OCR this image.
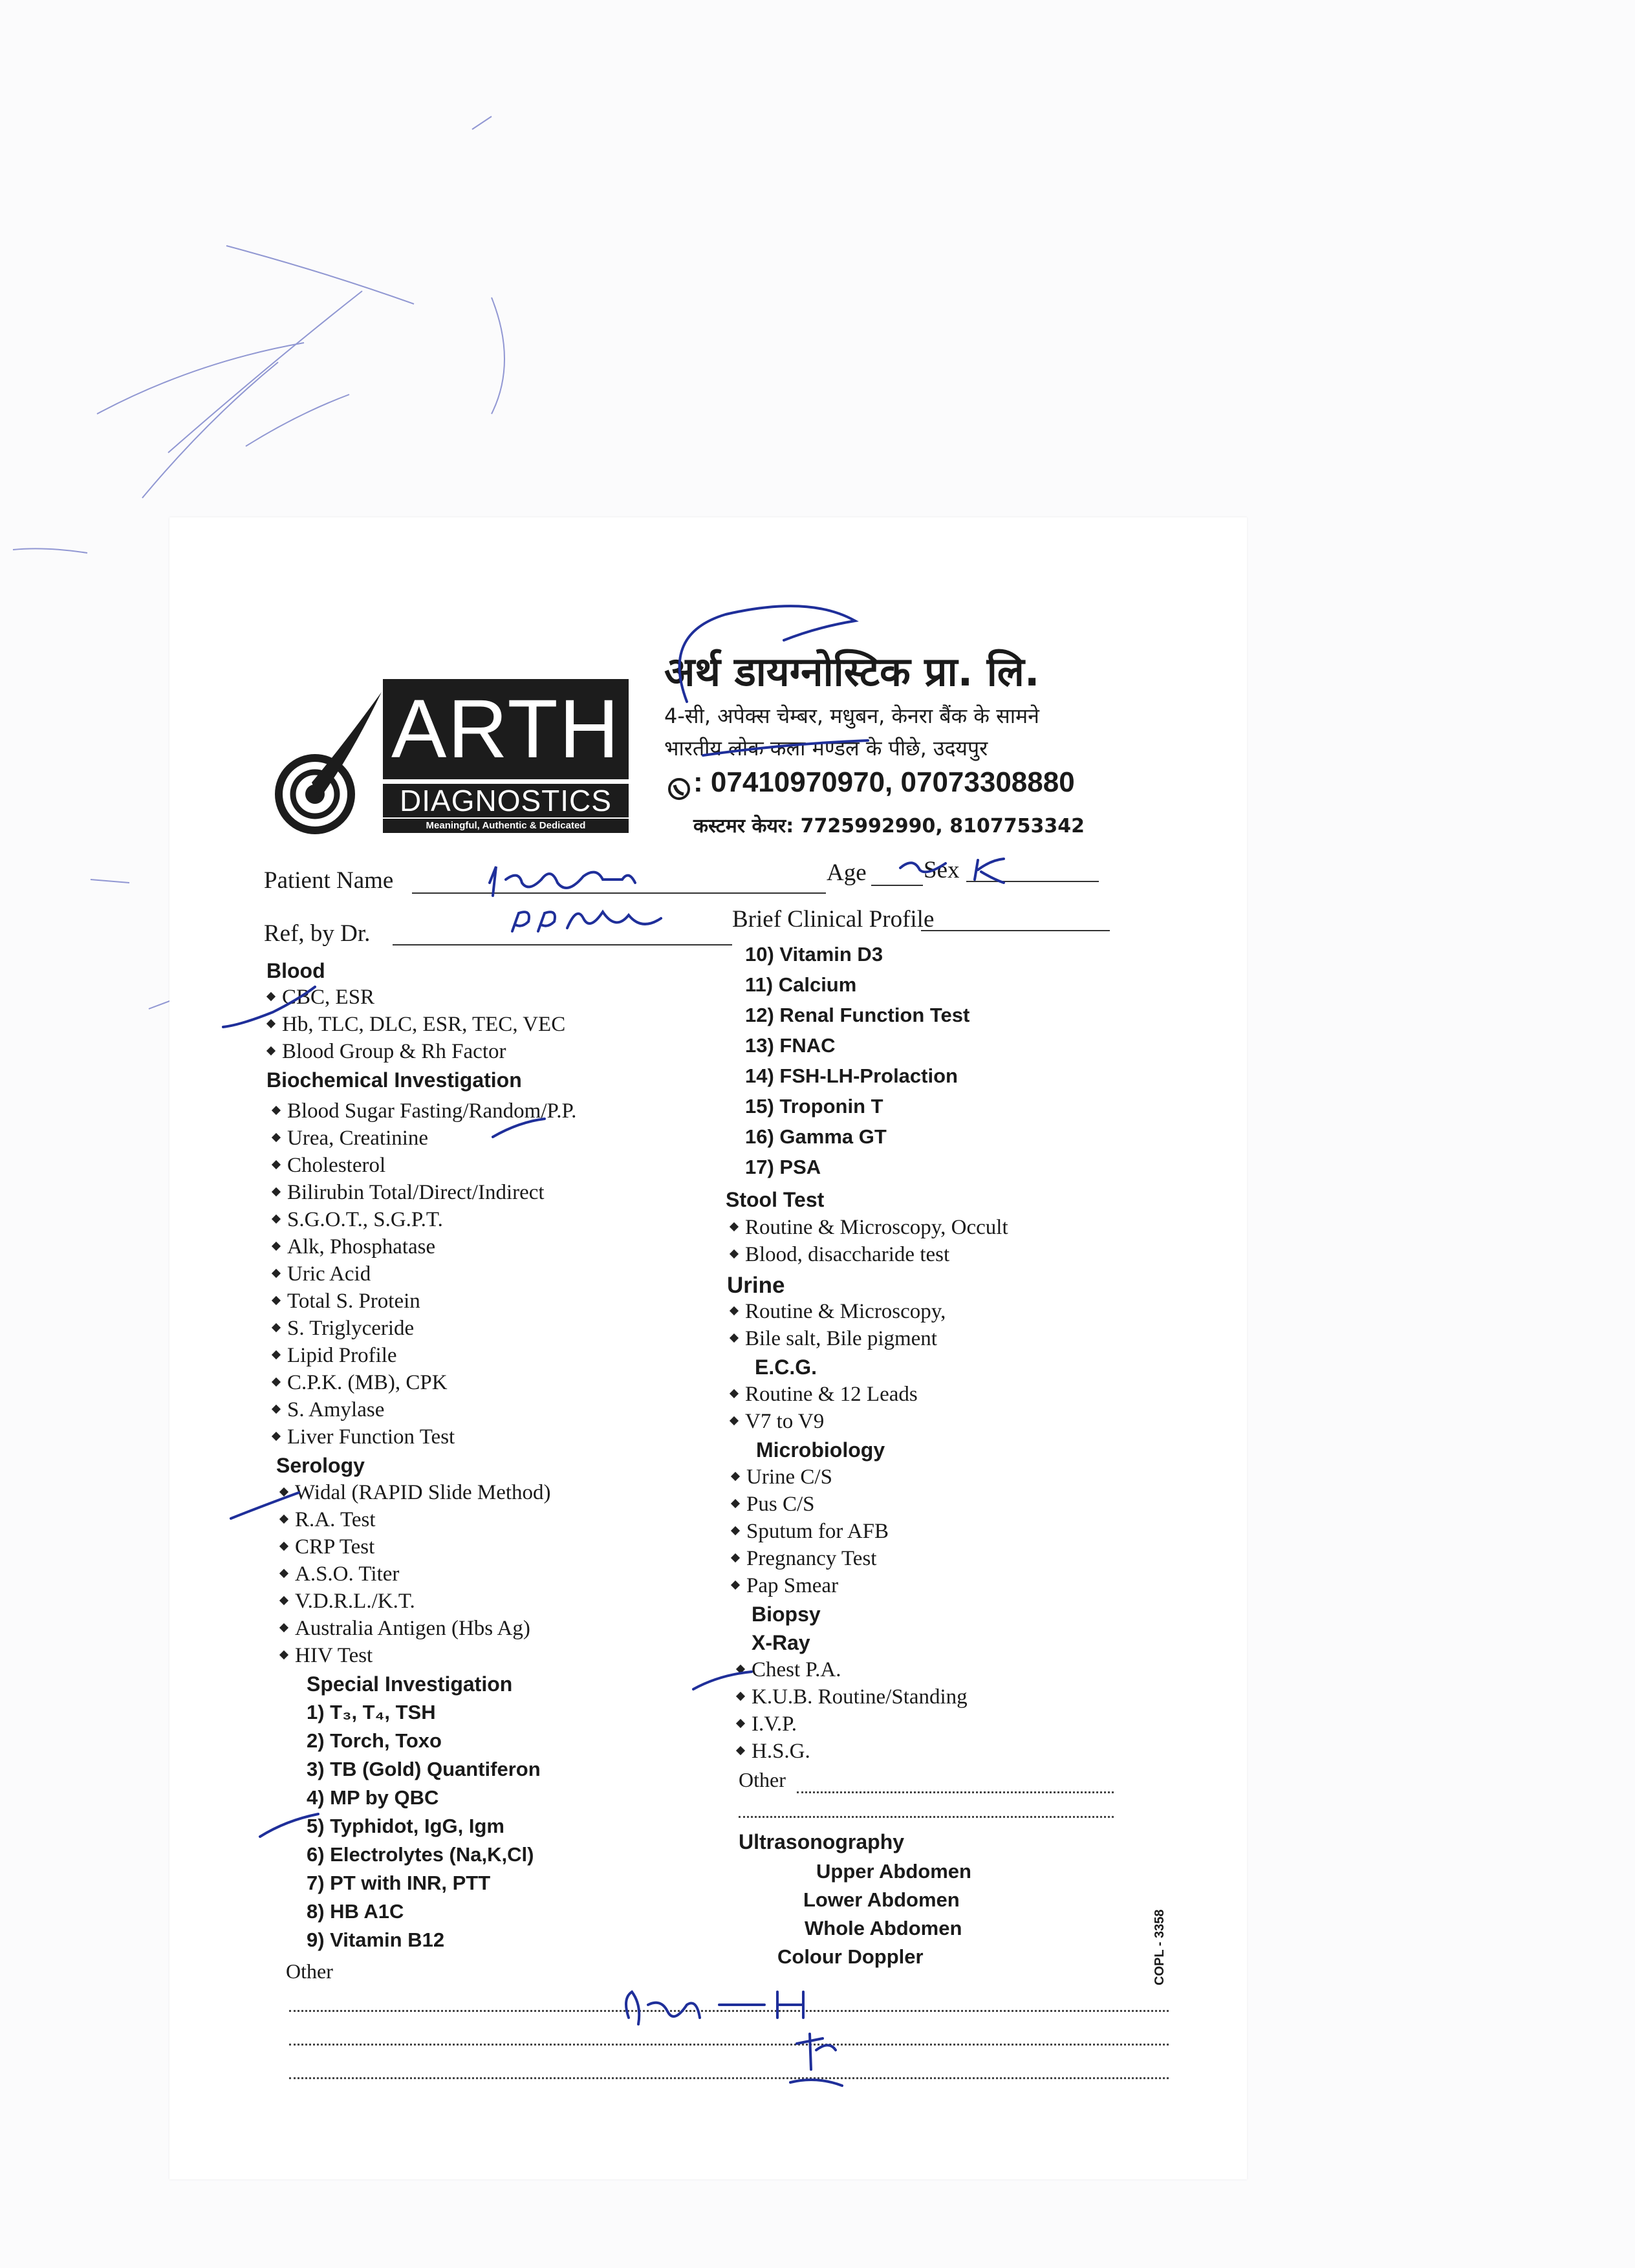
ARTH
DIAGNOSTICS
Meaningful, Authentic & Dedicated
अर्थ डायग्नोस्टिक प्रा. लि.
4-सी, अपेक्स चेम्बर, मधुबन, केनरा बैंक के सामने
भारतीय लोक कला मण्डल के पीछे, उदयपुर
: 07410970970, 07073308880
कस्टमर केयर: 7725992990, 8107753342
Patient Name	Age Sex
Ref, by Dr.
Brief Clinical Profile
Blood
CBC, ESR
Hb, TLC, DLC, ESR, TEC, VEC
Blood Group & Rh Factor
Biochemical Investigation
Blood Sugar Fasting/Random/P.P.
Urea, Creatinine
Cholesterol
Bilirubin Total/Direct/Indirect
S.G.O.T., S.G.P.T.
Alk, Phosphatase
Uric Acid
Total S. Protein
S. Triglyceride
Lipid Profile
C.P.K. (MB), CPK
S. Amylase
Liver Function Test
Serology
Widal (RAPID Slide Method)
R.A. Test
CRP Test
A.S.O. Titer
V.D.R.L./K.T.
Australia Antigen (Hbs Ag)
HIV Test
Special Investigation
1) T₃, T₄, TSH
2) Torch, Toxo
3) TB (Gold) Quantiferon
4) MP by QBC
5) Typhidot, IgG, Igm
6) Electrolytes (Na,K,Cl)
7) PT with INR, PTT
8) HB A1C
9) Vitamin B12
Other
10) Vitamin D3
11) Calcium
12) Renal Function Test
13) FNAC
14) FSH-LH-Prolaction
15) Troponin T
16) Gamma GT
17) PSA
Stool Test
Routine & Microscopy, Occult
Blood, disaccharide test
Urine
Routine & Microscopy,
Bile salt, Bile pigment
E.C.G.
Routine & 12 Leads
V7 to V9
Microbiology
Urine C/S
Pus C/S
Sputum for AFB
Pregnancy Test
Pap Smear
Biopsy
X-Ray
Chest P.A.
K.U.B. Routine/Standing
I.V.P.
H.S.G.
Other
Ultrasonography
Upper Abdomen
Lower Abdomen
Whole Abdomen
Colour Doppler	COPL - 3358
